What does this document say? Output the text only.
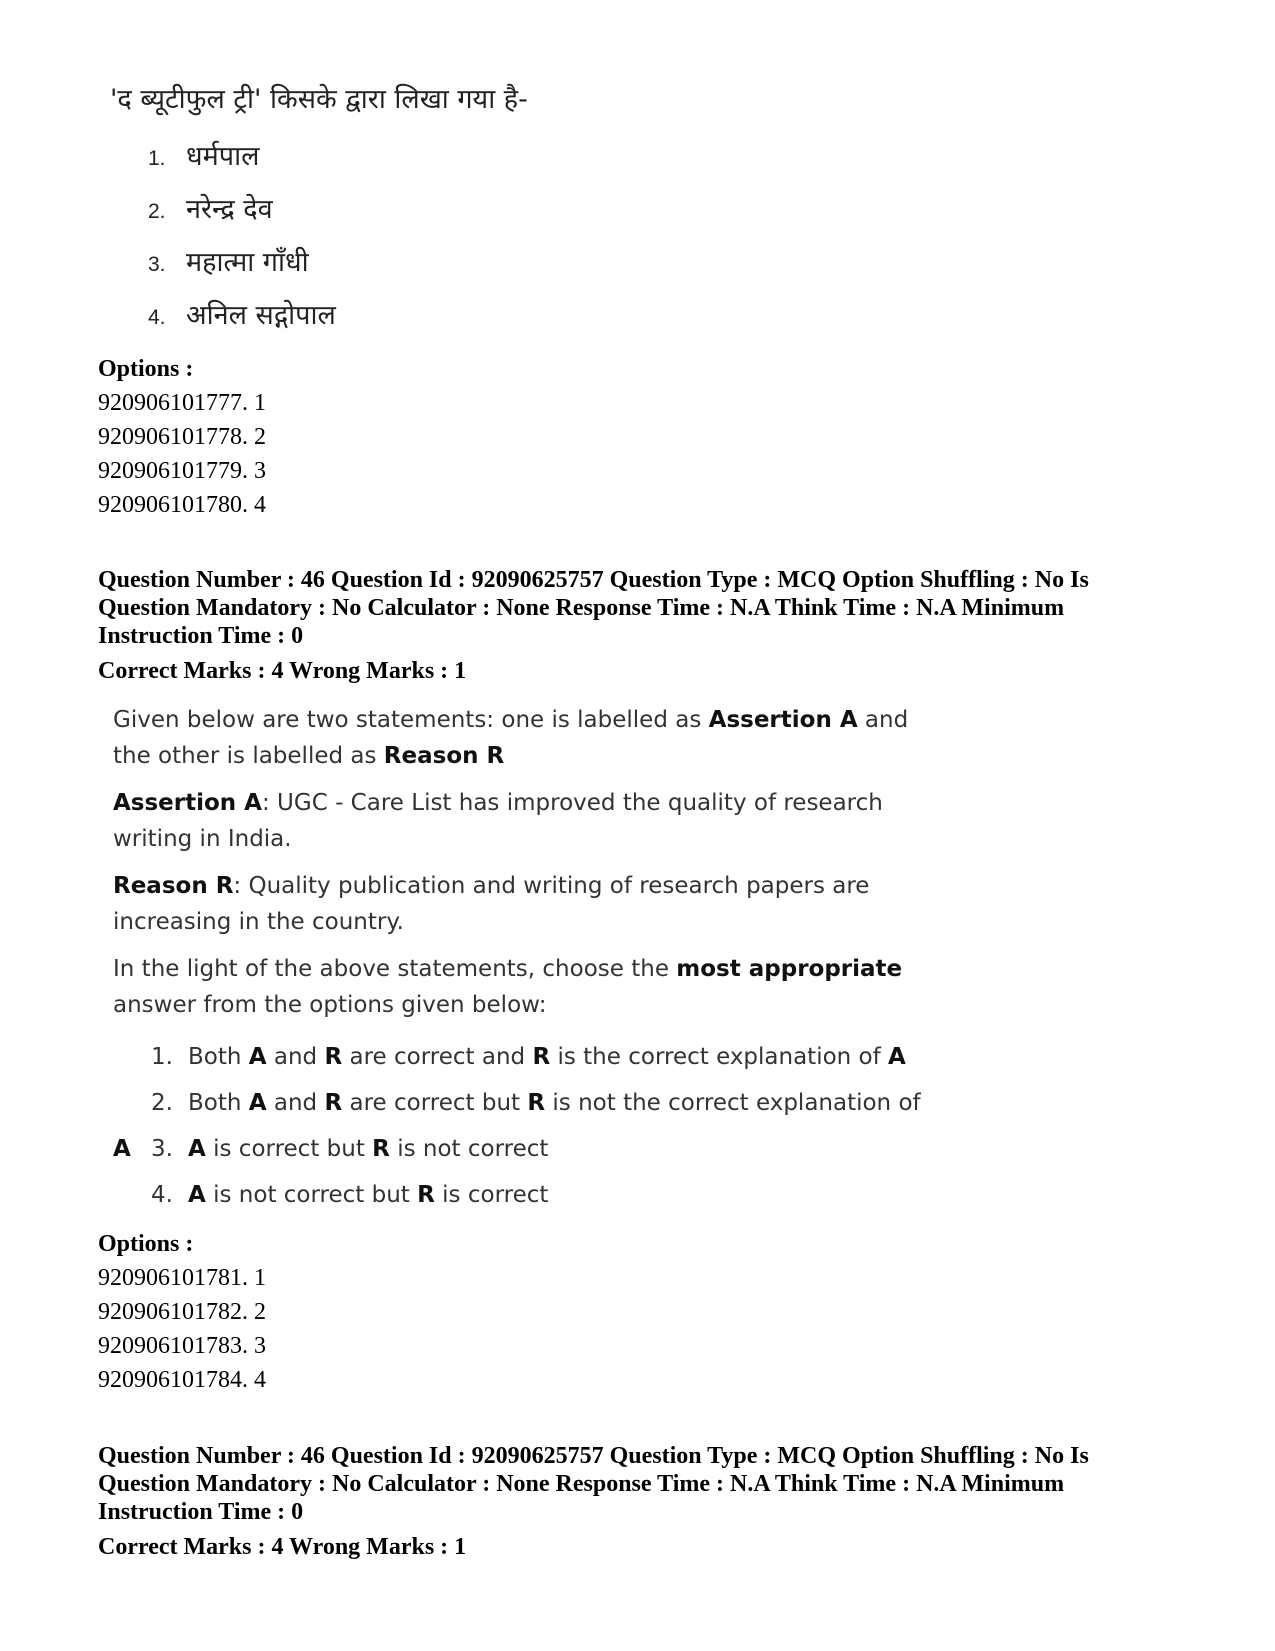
'द ब्यूटीफुल ट्री' किसके द्वारा लिखा गया है-
1. धर्मपाल
2. नरेन्द्र देव
3. महात्मा गाँधी
4. अनिल सद्गोपाल
Options :
920906101777. 1
920906101778. 2
920906101779. 3
920906101780. 4
Question Number : 46 Question Id : 92090625757 Question Type : MCQ Option Shuffling : No Is Question Mandatory : No Calculator : None Response Time : N.A Think Time : N.A Minimum Instruction Time : 0
Correct Marks : 4 Wrong Marks : 1

Given below are two statements: one is labelled as Assertion A and the other is labelled as Reason R

Assertion A: UGC - Care List has improved the quality of research writing in India.

Reason R: Quality publication and writing of research papers are increasing in the country.

In the light of the above statements, choose the most appropriate answer from the options given below:

1. Both A and R are correct and R is the correct explanation of A
2. Both A and R are correct but R is not the correct explanation of A 3. A is correct but R is not correct
4. A is not correct but R is correct
Options :
920906101781. 1
920906101782. 2
920906101783. 3
920906101784. 4
Question Number : 46 Question Id : 92090625757 Question Type : MCQ Option Shuffling : No Is Question Mandatory : No Calculator : None Response Time : N.A Think Time : N.A Minimum Instruction Time : 0
Correct Marks : 4 Wrong Marks : 1
